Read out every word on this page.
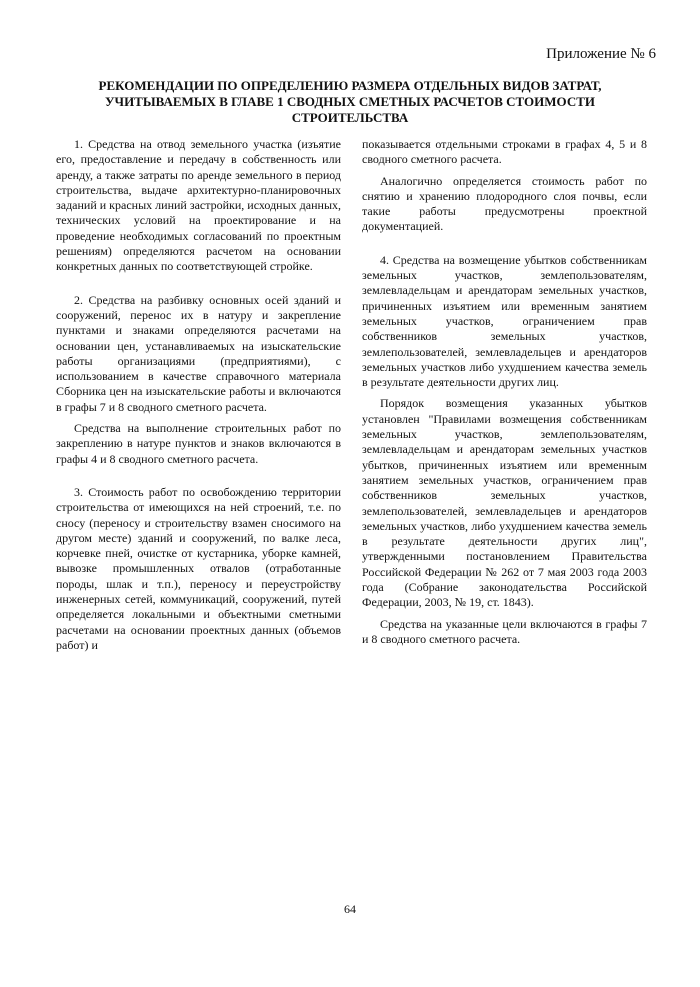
Приложение № 6

РЕКОМЕНДАЦИИ ПО ОПРЕДЕЛЕНИЮ РАЗМЕРА ОТДЕЛЬНЫХ ВИДОВ ЗАТРАТ, УЧИТЫВАЕМЫХ В ГЛАВЕ 1 СВОДНЫХ СМЕТНЫХ РАСЧЕТОВ СТОИМОСТИ СТРОИТЕЛЬСТВА

1. Средства на отвод земельного участка (изъятие его, предоставление и передачу в собственность или аренду, а также затраты по аренде земельного в период строительства, выдаче архитектурно-планировочных заданий и красных линий застройки, исходных данных, технических условий на проектирование и на проведение необходимых согласований по проектным решениям) определяются расчетом на основании конкретных данных по соответствующей стройке.

2. Средства на разбивку основных осей зданий и сооружений, перенос их в натуру и закрепление пунктами и знаками определяются расчетами на основании цен, устанавливаемых на изыскательские работы организациями (предприятиями), с использованием в качестве справочного материала Сборника цен на изыскательские работы и включаются в графы 7 и 8 сводного сметного расчета.

Средства на выполнение строительных работ по закреплению в натуре пунктов и знаков включаются в графы 4 и 8 сводного сметного расчета.

3. Стоимость работ по освобождению территории строительства от имеющихся на ней строений, т.е. по сносу (переносу и строительству взамен сносимого на другом месте) зданий и сооружений, по валке леса, корчевке пней, очистке от кустарника, уборке камней, вывозке промышленных отвалов (отработанные породы, шлак и т.п.), переносу и переустройству инженерных сетей, коммуникаций, сооружений, путей определяется локальными и объектными сметными расчетами на основании проектных данных (объемов работ) и

показывается отдельными строками в графах 4, 5 и 8 сводного сметного расчета.

Аналогично определяется стоимость работ по снятию и хранению плодородного слоя почвы, если такие работы предусмотрены проектной документацией.

4. Средства на возмещение убытков собственникам земельных участков, землепользователям, землевладельцам и арендаторам земельных участков, причиненных изъятием или временным занятием земельных участков, ограничением прав собственников земельных участков, землепользователей, землевладельцев и арендаторов земельных участков либо ухудшением качества земель в результате деятельности других лиц.

Порядок возмещения указанных убытков установлен "Правилами возмещения собственникам земельных участков, землепользователям, землевладельцам и арендаторам земельных участков убытков, причиненных изъятием или временным занятием земельных участков, ограничением прав собственников земельных участков, землепользователей, землевладельцев и арендаторов земельных участков, либо ухудшением качества земель в результате деятельности других лиц", утвержденными постановлением Правительства Российской Федерации № 262 от 7 мая 2003 года 2003 года (Собрание законодательства Российской Федерации, 2003, № 19, ст. 1843).

Средства на указанные цели включаются в графы 7 и 8 сводного сметного расчета.

64
